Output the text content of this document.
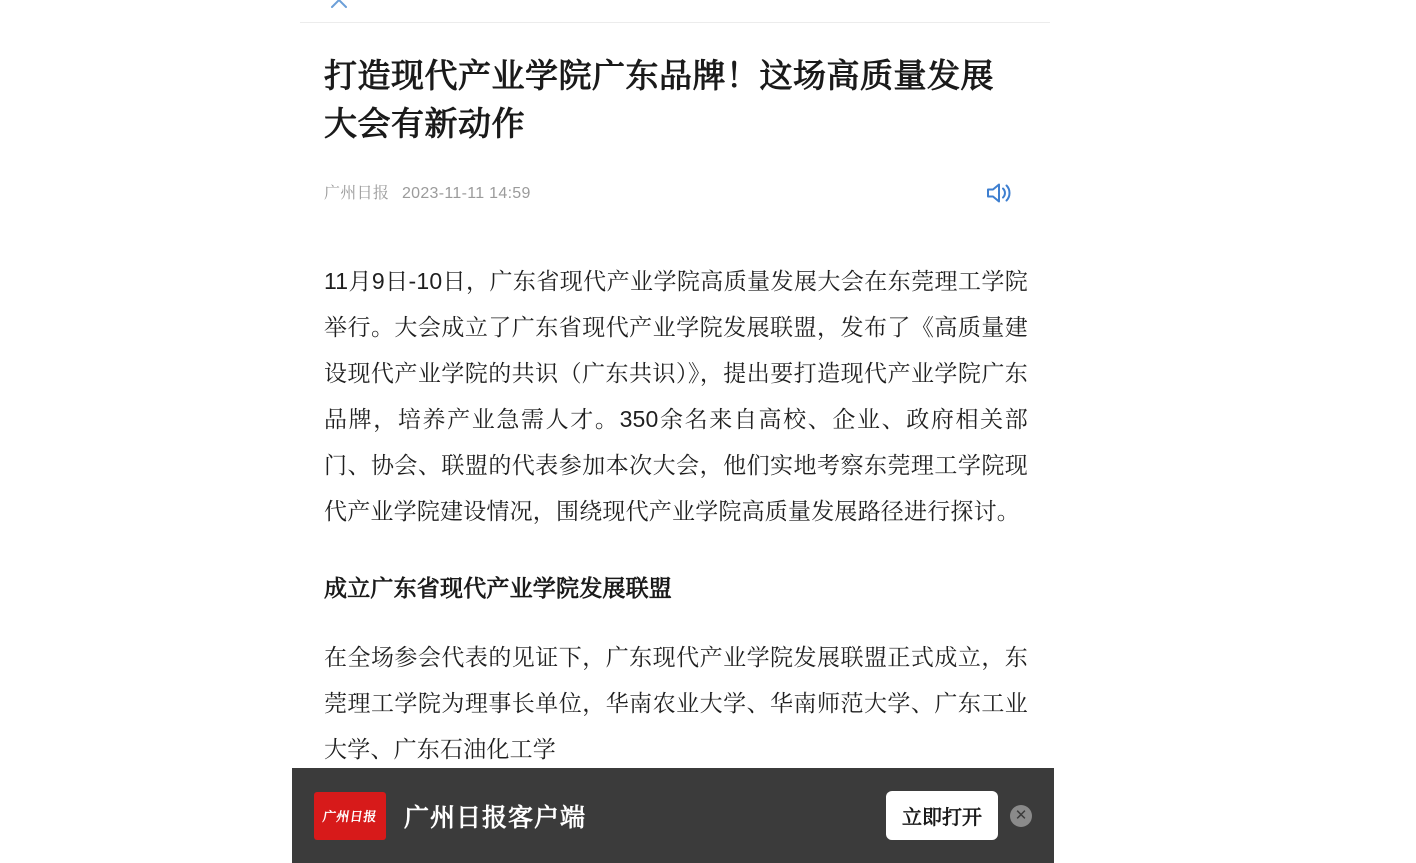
打造现代产业学院广东品牌！这场高质量发展大会有新动作
广州日报 2023-11-11 14:59

11月9日-10日，广东省现代产业学院高质量发展大会在东莞理工学院举行。大会成立了广东省现代产业学院发展联盟，发布了《高质量建设现代产业学院的共识（广东共识）》，提出要打造现代产业学院广东品牌，培养产业急需人才。350余名来自高校、企业、政府相关部门、协会、联盟的代表参加本次大会，他们实地考察东莞理工学院现代产业学院建设情况，围绕现代产业学院高质量发展路径进行探讨。

成立广东省现代产业学院发展联盟

在全场参会代表的见证下，广东现代产业学院发展联盟正式成立，东莞理工学院为理事长单位，华南农业大学、华南师范大学、广东工业大学、广东石油化工学

广州日报 广州日报客户端	立即打开	✕
